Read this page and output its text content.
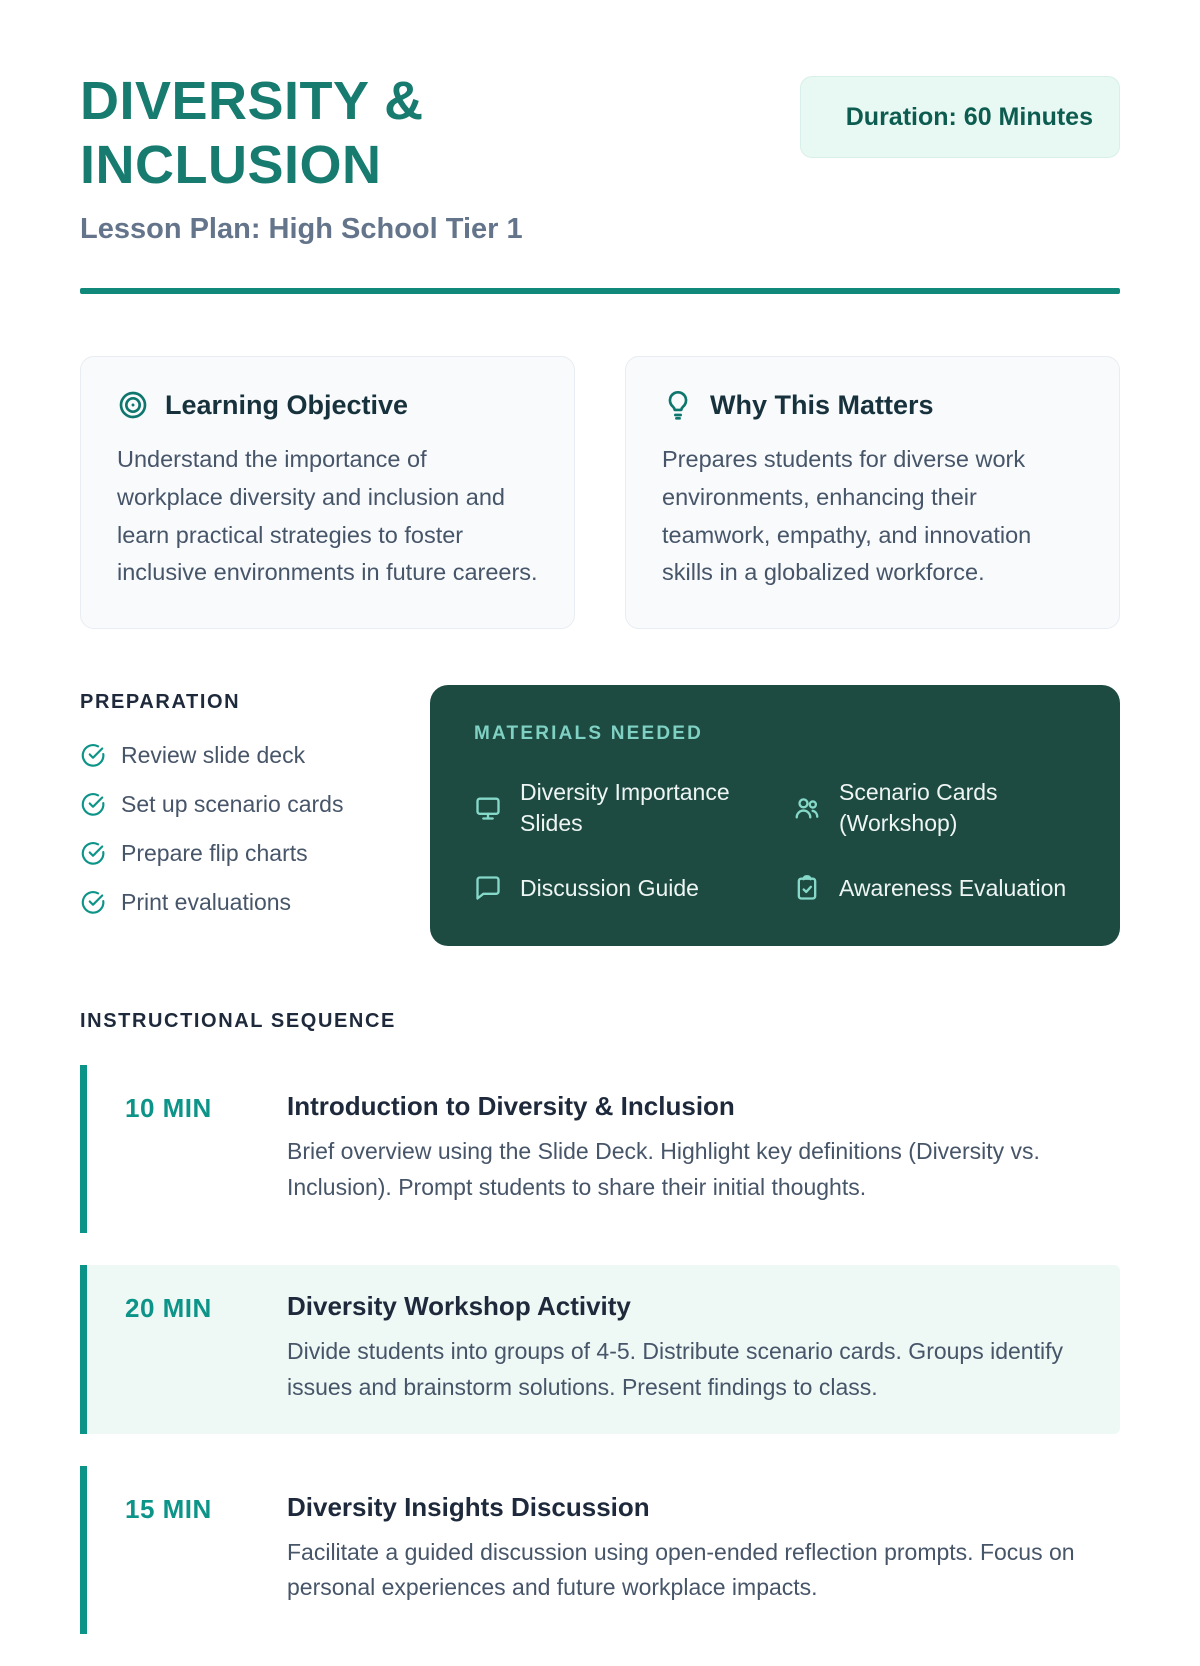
DIVERSITY & INCLUSION
Lesson Plan: High School Tier 1
Duration: 60 Minutes
Learning Objective
Understand the importance of workplace diversity and inclusion and learn practical strategies to foster inclusive environments in future careers.
Why This Matters
Prepares students for diverse work environments, enhancing their teamwork, empathy, and innovation skills in a globalized workforce.
PREPARATION
Review slide deck
Set up scenario cards
Prepare flip charts
Print evaluations
MATERIALS NEEDED
Diversity Importance Slides
Scenario Cards (Workshop)
Discussion Guide	Awareness Evaluation
INSTRUCTIONAL SEQUENCE
10 MIN	Introduction to Diversity & Inclusion
Brief overview using the Slide Deck. Highlight key definitions (Diversity vs. Inclusion). Prompt students to share their initial thoughts.
20 MIN	Diversity Workshop Activity
Divide students into groups of 4-5. Distribute scenario cards. Groups identify issues and brainstorm solutions. Present findings to class.
15 MIN	Diversity Insights Discussion
Facilitate a guided discussion using open-ended reflection prompts. Focus on personal experiences and future workplace impacts.
